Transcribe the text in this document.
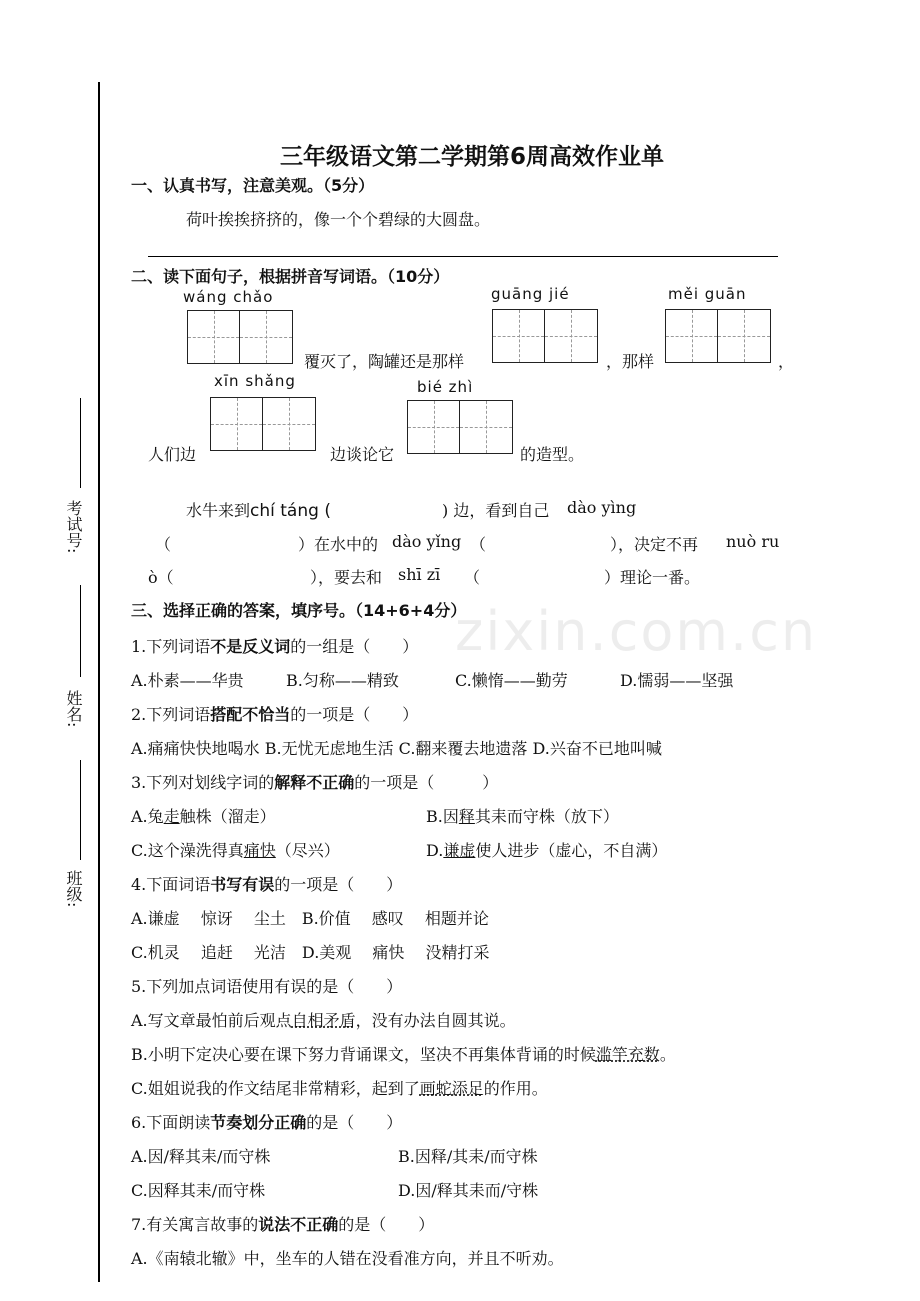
考试号:
姓名:
班级:
zixin.com.cn
三年级语文第二学期第6周高效作业单
一、认真书写，注意美观。（5分）
荷叶挨挨挤挤的，像一个个碧绿的大圆盘。
二、读下面句子，根据拼音写词语。（10分）
wáng chǎo
覆灭了，陶罐还是那样
guāng jié
，那样
měi guān
，
xīn shǎng
人们边	边谈论它
bié zhì
的造型。
水牛来到chí táng (	) 边，看到自己 dào yìng
（	）在水中的 dào yǐng （	），决定不再 nuò ru
ò（	），要去和 shī zī （	）理论一番。
三、选择正确的答案，填序号。（14+6+4分）
1.下列词语不是反义词的一组是（　　）
A.朴素——华贵	B.匀称——精致	C.懒惰——勤劳	D.懦弱——坚强
2.下列词语搭配不恰当的一项是（　　）
A.痛痛快快地喝水 B.无忧无虑地生活 C.翻来覆去地遗落 D.兴奋不已地叫喊
3.下列对划线字词的解释不正确的一项是（　　　）
A.兔走触株（溜走）	B.因释其耒而守株（放下）
C.这个澡洗得真痛快（尽兴）	D.谦虚使人进步（虚心，不自满）
4.下面词语书写有误的一项是（　　）
A.谦虚　 惊讶　 尘土　B.价值　 感叹　 相题并论
C.机灵　 追赶　 光洁　D.美观　 痛快　 没精打采
5.下列加点词语使用有误的是（　　）
A.写文章最怕前后观点自相矛盾，没有办法自圆其说。
B.小明下定决心要在课下努力背诵课文，坚决不再集体背诵的时候滥竽充数。
C.姐姐说我的作文结尾非常精彩，起到了画蛇添足的作用。
6.下面朗读节奏划分正确的是（　　）
A.因/释其耒/而守株	B.因释/其耒/而守株
C.因释其耒/而守株	D.因/释其耒而/守株
7.有关寓言故事的说法不正确的是（　　）
A.《南辕北辙》中，坐车的人错在没看准方向，并且不听劝。
